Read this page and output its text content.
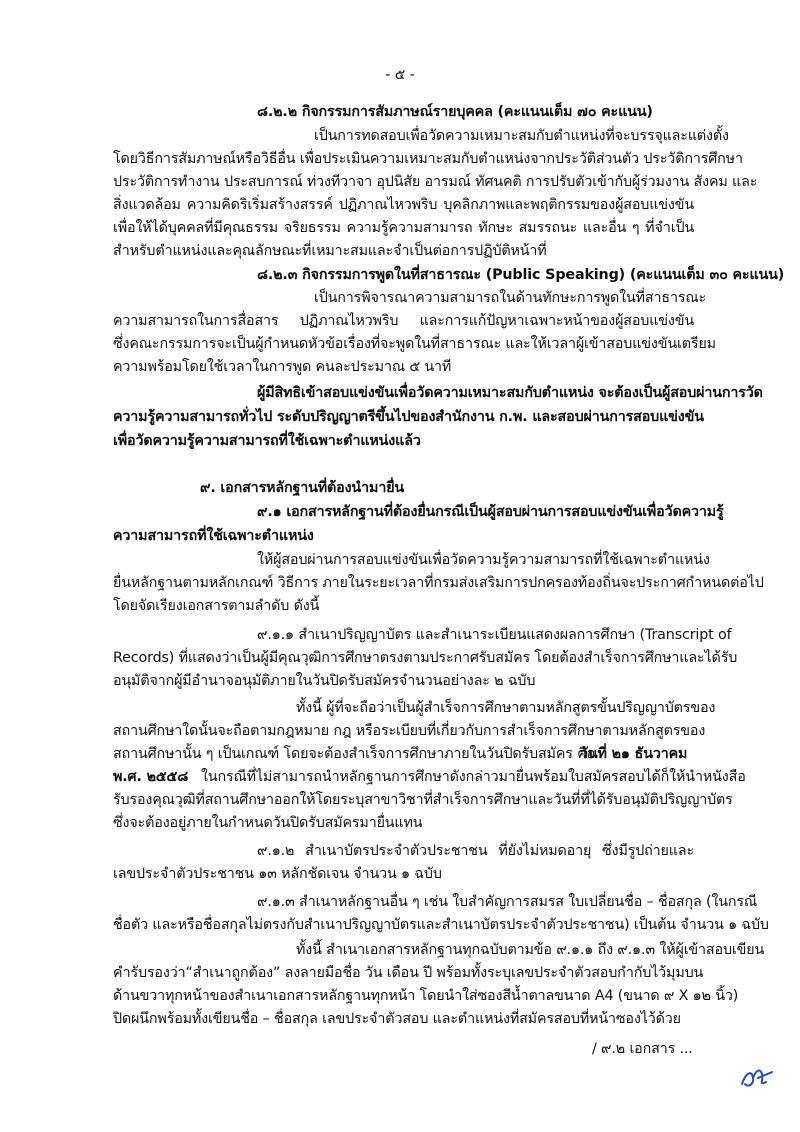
- ๕ -
๘.๒.๒ กิจกรรมการสัมภาษณ์รายบุคคล (คะแนนเต็ม ๗๐ คะแนน)
เป็นการทดสอบเพื่อวัดความเหมาะสมกับตำแหน่งที่จะบรรจุและแต่งตั้ง
โดยวิธีการสัมภาษณ์หรือวิธีอื่น เพื่อประเมินความเหมาะสมกับตำแหน่งจากประวัติส่วนตัว ประวัติการศึกษา
ประวัติการทำงาน ประสบการณ์ ท่วงทีวาจา อุปนิสัย อารมณ์ ทัศนคติ การปรับตัวเข้ากับผู้ร่วมงาน สังคม และ
สิ่งแวดล้อม ความคิดริเริ่มสร้างสรรค์ ปฏิภาณไหวพริบ บุคลิกภาพและพฤติกรรมของผู้สอบแข่งขัน
เพื่อให้ได้บุคคลที่มีคุณธรรม จริยธรรม ความรู้ความสามารถ ทักษะ สมรรถนะ และอื่น ๆ ที่จำเป็น
สำหรับตำแหน่งและคุณลักษณะที่เหมาะสมและจำเป็นต่อการปฏิบัติหน้าที่
๘.๒.๓ กิจกรรมการพูดในที่สาธารณะ (Public Speaking) (คะแนนเต็ม ๓๐ คะแนน)
เป็นการพิจารณาความสามารถในด้านทักษะการพูดในที่สาธารณะ
ความสามารถในการสื่อสาร ปฏิภาณไหวพริบ และการแก้ปัญหาเฉพาะหน้าของผู้สอบแข่งขัน
ซึ่งคณะกรรมการจะเป็นผู้กำหนดหัวข้อเรื่องที่จะพูดในที่สาธารณะ และให้เวลาผู้เข้าสอบแข่งขันเตรียม
ความพร้อมโดยใช้เวลาในการพูด คนละประมาณ ๕ นาที
ผู้มีสิทธิเข้าสอบแข่งขันเพื่อวัดความเหมาะสมกับตำแหน่ง จะต้องเป็นผู้สอบผ่านการวัด
ความรู้ความสามารถทั่วไป ระดับปริญญาตรีขึ้นไปของสำนักงาน ก.พ. และสอบผ่านการสอบแข่งขัน
เพื่อวัดความรู้ความสามารถที่ใช้เฉพาะตำแหน่งแล้ว
๙. เอกสารหลักฐานที่ต้องนำมายื่น
๙.๑ เอกสารหลักฐานที่ต้องยื่นกรณีเป็นผู้สอบผ่านการสอบแข่งขันเพื่อวัดความรู้
ความสามารถที่ใช้เฉพาะตำแหน่ง
ให้ผู้สอบผ่านการสอบแข่งขันเพื่อวัดความรู้ความสามารถที่ใช้เฉพาะตำแหน่ง
ยื่นหลักฐานตามหลักเกณฑ์ วิธีการ ภายในระยะเวลาที่กรมส่งเสริมการปกครองท้องถิ่นจะประกาศกำหนดต่อไป
โดยจัดเรียงเอกสารตามลำดับ ดังนี้
๙.๑.๑ สำเนาปริญญาบัตร และสำเนาระเบียนแสดงผลการศึกษา (Transcript of
Records) ที่แสดงว่าเป็นผู้มีคุณวุฒิการศึกษาตรงตามประกาศรับสมัคร โดยต้องสำเร็จการศึกษาและได้รับ
อนุมัติจากผู้มีอำนาจอนุมัติภายในวันปิดรับสมัครจำนวนอย่างละ ๒ ฉบับ
ทั้งนี้ ผู้ที่จะถือว่าเป็นผู้สำเร็จการศึกษาตามหลักสูตรขั้นปริญญาบัตรของ
สถานศึกษาใดนั้นจะถือตามกฎหมาย กฎ หรือระเบียบที่เกี่ยวกับการสำเร็จการศึกษาตามหลักสูตรของ
สถานศึกษานั้น ๆ เป็นเกณฑ์ โดยจะต้องสำเร็จการศึกษาภายในวันปิดรับสมัคร คือ
วันที่ ๒๑ ธันวาคม
พ.ศ. ๒๕๕๘ ในกรณีที่ไม่สามารถนำหลักฐานการศึกษาดังกล่าวมายื่นพร้อมใบสมัครสอบได้ก็ให้นำหนังสือ
รับรองคุณวุฒิที่สถานศึกษาออกให้โดยระบุสาขาวิชาที่สำเร็จการศึกษาและวันที่ที่ได้รับอนุมัติปริญญาบัตร
ซึ่งจะต้องอยู่ภายในกำหนดวันปิดรับสมัครมายื่นแทน
๙.๑.๒ สำเนาบัตรประจำตัวประชาชน ที่ยังไม่หมดอายุ ซึ่งมีรูปถ่ายและ
เลขประจำตัวประชาชน ๑๓ หลักชัดเจน จำนวน ๑ ฉบับ
๙.๑.๓ สำเนาหลักฐานอื่น ๆ เช่น ใบสำคัญการสมรส ใบเปลี่ยนชื่อ – ชื่อสกุล (ในกรณี
ชื่อตัว และหรือชื่อสกุลไม่ตรงกับสำเนาปริญญาบัตรและสำเนาบัตรประจำตัวประชาชน) เป็นต้น จำนวน ๑ ฉบับ
ทั้งนี้ สำเนาเอกสารหลักฐานทุกฉบับตามข้อ ๙.๑.๑ ถึง ๙.๑.๓ ให้ผู้เข้าสอบเขียน
คำรับรองว่า“สำเนาถูกต้อง” ลงลายมือชื่อ วัน เดือน ปี พร้อมทั้งระบุเลขประจำตัวสอบกำกับไว้มุมบน
ด้านขวาทุกหน้าของสำเนาเอกสารหลักฐานทุกหน้า โดยนำใส่ซองสีน้ำตาลขนาด A4 (ขนาด ๙ X ๑๒ นิ้ว)
ปิดผนึกพร้อมทั้งเขียนชื่อ – ชื่อสกุล เลขประจำตัวสอบ และตำแหน่งที่สมัครสอบที่หน้าซองไว้ด้วย
/ ๙.๒ เอกสาร ...
